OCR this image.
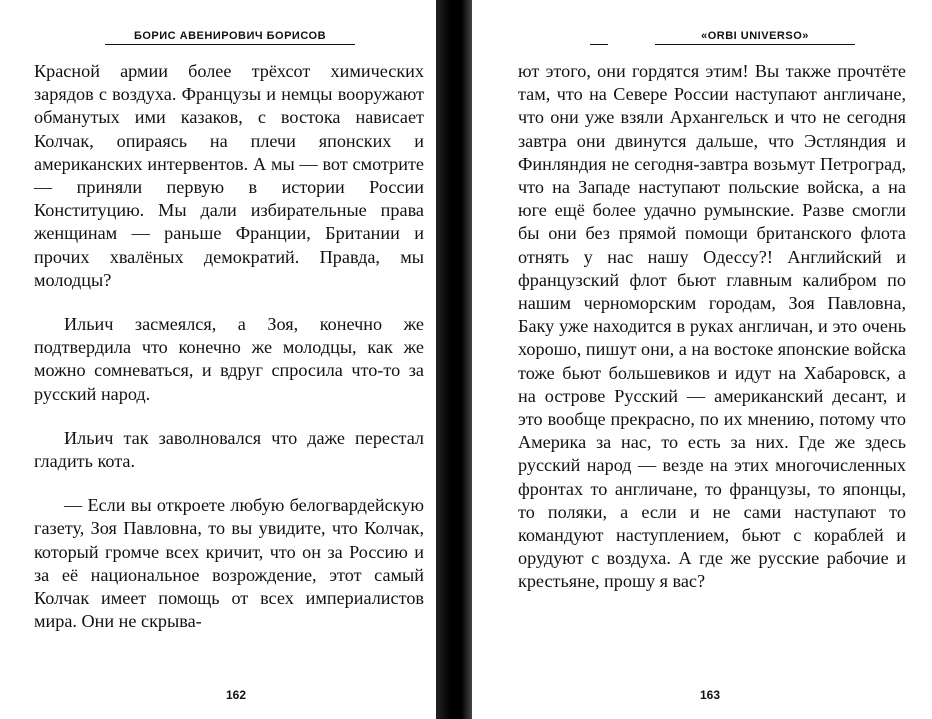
БОРИС АВЕНИРОВИЧ БОРИСОВ

Красной армии более трёхсот химических зарядов с воздуха. Французы и немцы вооружают обманутых ими казаков, с востока нависает Колчак, опираясь на плечи японских и американских интервентов. А мы — вот смотрите — приняли первую в истории России Конституцию. Мы дали избирательные права женщинам — раньше Франции, Британии и прочих хвалёных демократий. Правда, мы молодцы?

Ильич засмеялся, а Зоя, конечно же подтвердила что конечно же молодцы, как же можно сомневаться, и вдруг спросила что-то за русский народ.

Ильич так заволновался что даже перестал гладить кота.

— Если вы откроете любую белогвардейскую газету, Зоя Павловна, то вы увидите, что Колчак, который громче всех кричит, что он за Россию и за её национальное возрождение, этот самый Колчак имеет помощь от всех империалистов мира. Они не скрыва-

162
«ORBI UNIVERSO»

ют этого, они гордятся этим! Вы также прочтёте там, что на Севере России наступают англичане, что они уже взяли Архангельск и что не сегодня завтра они двинутся дальше, что Эстляндия и Финляндия не сегодня-завтра возьмут Петроград, что на Западе наступают польские войска, а на юге ещё более удачно румынские. Разве смогли бы они без прямой помощи британского флота отнять у нас нашу Одессу?! Английский и французский флот бьют главным калибром по нашим черноморским городам, Зоя Павловна, Баку уже находится в руках англичан, и это очень хорошо, пишут они, а на востоке японские войска тоже бьют большевиков и идут на Хабаровск, а на острове Русский — американский десант, и это вообще прекрасно, по их мнению, потому что Америка за нас, то есть за них. Где же здесь русский народ — везде на этих многочисленных фронтах то англичане, то французы, то японцы, то поляки, а если и не сами наступают то командуют наступлением, бьют с кораблей и орудуют с воздуха. А где же русские рабочие и крестьяне, прошу я вас?

163
